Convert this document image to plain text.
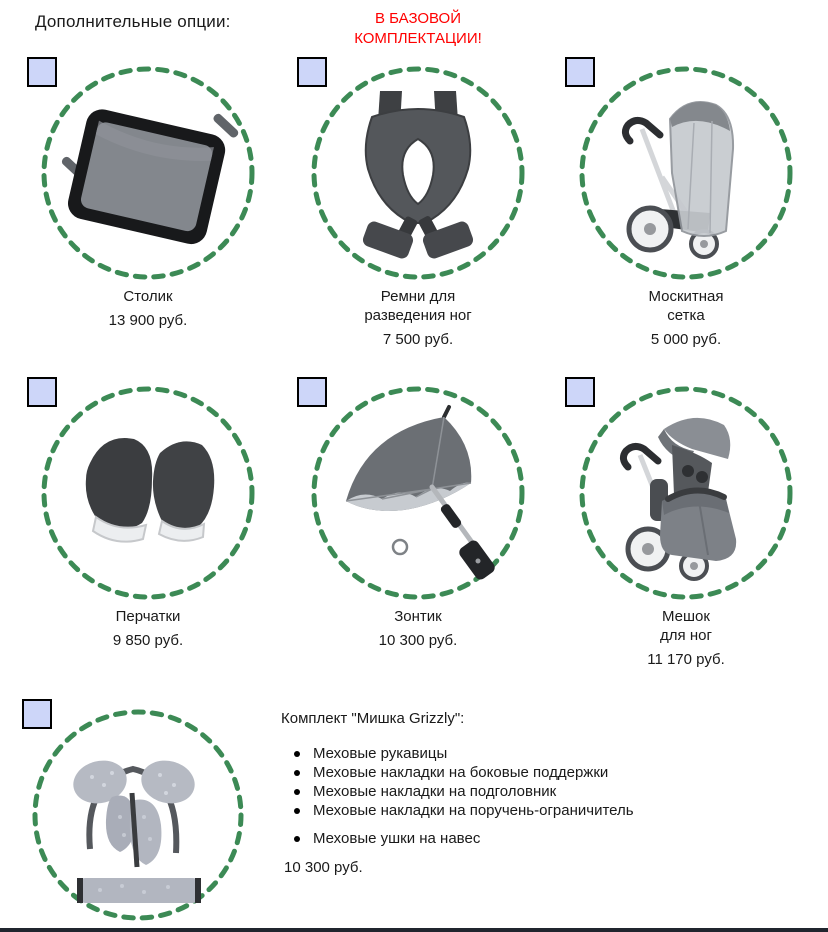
Дополнительные опции:	В БАЗОВОЙ
КОМПЛЕКТАЦИИ!
Столик
13 900 руб.
Ремни для
разведения ног
7 500 руб.
Москитная
сетка
5 000 руб.
Перчатки
9 850 руб.
Зонтик
10 300 руб.
Мешок
для ног
11 170 руб.
Комплект "Мишка Grizzly":
Меховые рукавицы
Меховые накладки на боковые поддержки
Меховые накладки на подголовник
Меховые накладки на поручень-ограничитель
Меховые ушки на навес
10 300 руб.
